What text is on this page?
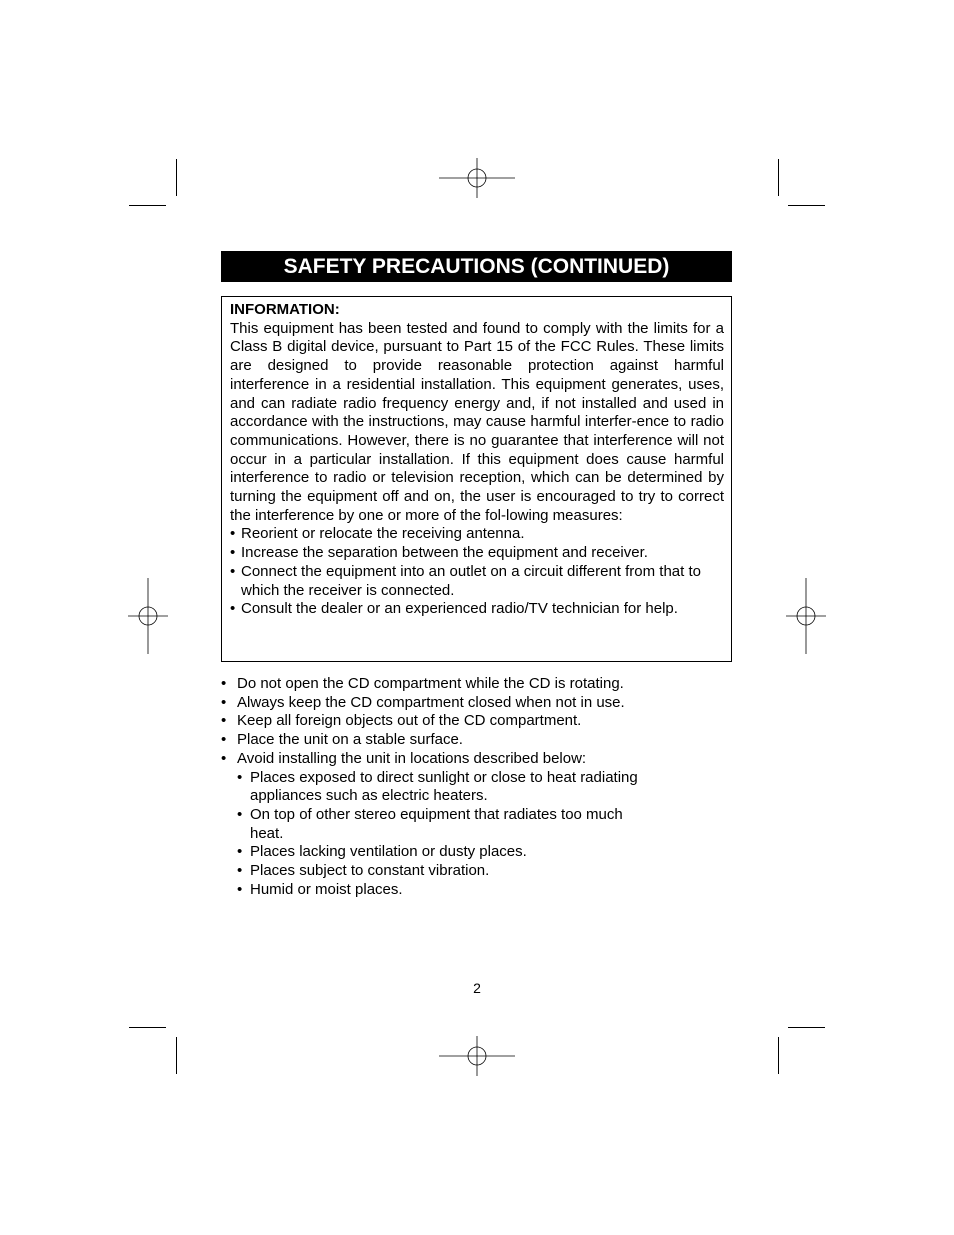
SAFETY PRECAUTIONS (CONTINUED)
INFORMATION:

This equipment has been tested and found to comply with the limits for a Class B digital device, pursuant to Part 15 of the FCC Rules. These limits are designed to provide reasonable protection against harmful interference in a residential installation. This equipment generates, uses, and can radiate radio frequency energy and, if not installed and used in accordance with the instructions, may cause harmful interfer-ence to radio communications. However, there is no guarantee that interference will not occur in a particular installation. If this equipment does cause harmful interference to radio or television reception, which can be determined by turning the equipment off and on, the user is encouraged to try to correct the interference by one or more of the fol-lowing measures:

• Reorient or relocate the receiving antenna.
• Increase the separation between the equipment and receiver.
• Connect the equipment into an outlet on a circuit different from that to which the receiver is connected.
• Consult the dealer or an experienced radio/TV technician for help.
• Do not open the CD compartment while the CD is rotating.
• Always keep the CD compartment closed when not in use.
• Keep all foreign objects out of the CD compartment.
• Place the unit on a stable surface.
• Avoid installing the unit in locations described below:
• Places exposed to direct sunlight or close to heat radiating appliances such as electric heaters.
• On top of other stereo equipment that radiates too much heat.
• Places lacking ventilation or dusty places.
• Places subject to constant vibration.
• Humid or moist places.
2
